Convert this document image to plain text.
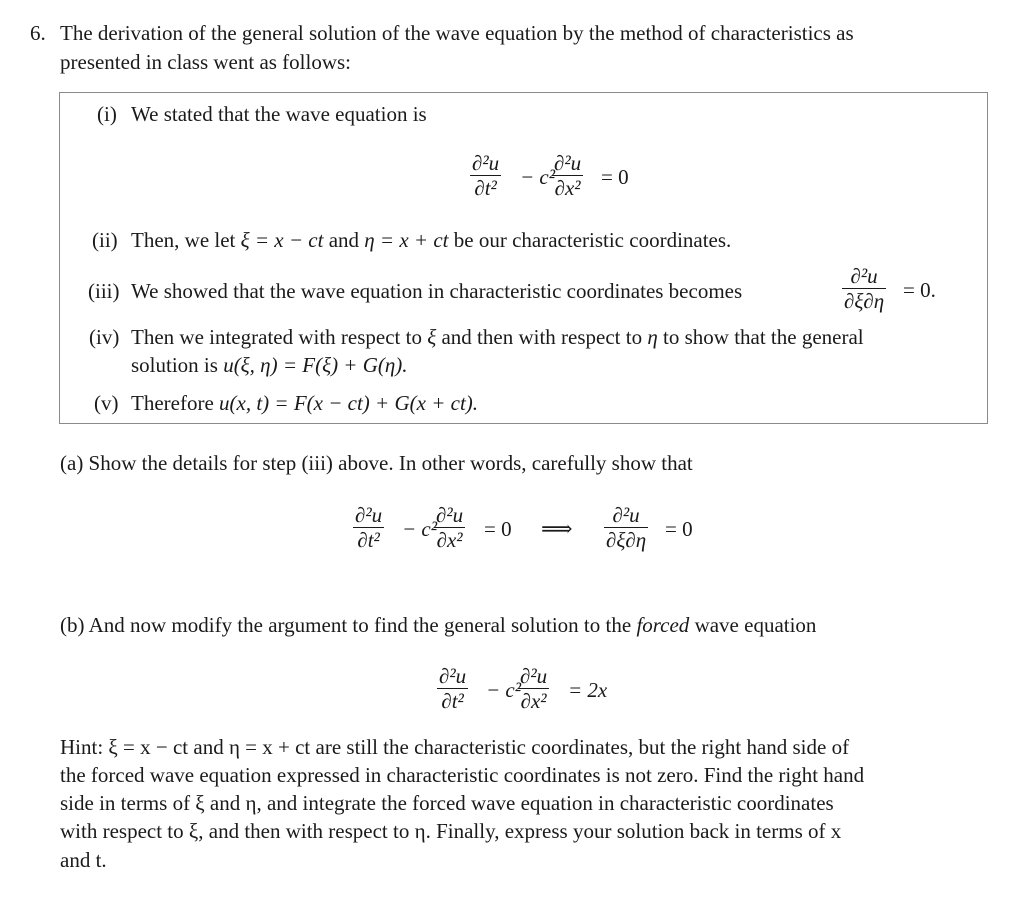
6. The derivation of the general solution of the wave equation by the method of characteristics as
presented in class went as follows:
(i) We stated that the wave equation is
$\frac{\text{∂²u}}{\text{∂t²}} - c^2$
$\frac{\text{∂²u}}{\text{∂x²}} = 0$
(ii) Then, we let ξ = x − ct and η = x + ct be our characteristic coordinates.
(iii) We showed that the wave equation in characteristic coordinates becomes	$\frac{\text{∂²u}}{\partial\xi\partial\eta} = 0$.
(iv) Then we integrated with respect to ξ and then with respect to η to show that the general
solution is u(ξ, η) = F(ξ) + G(η).
(v) Therefore u(x, t) = F(x − ct) + G(x + ct).
(a) Show the details for step (iii) above. In other words, carefully show that
$\frac{\text{∂²u}}{\text{∂t²}} - c^2$
$\frac{\text{∂²u}}{\text{∂x²}} = 0$ ⟹ $\frac{\text{∂²u}}{\partial\xi\partial\eta} = 0$
(b) And now modify the argument to find the general solution to the forced wave equation
$\frac{\text{∂²u}}{\text{∂t²}} - c^2$
$\frac{\text{∂²u}}{\text{∂x²}} = 2x$
Hint: ξ = x − ct and η = x + ct are still the characteristic coordinates, but the right hand side of
the forced wave equation expressed in characteristic coordinates is not zero. Find the right hand
side in terms of ξ and η, and integrate the forced wave equation in characteristic coordinates
with respect to ξ, and then with respect to η. Finally, express your solution back in terms of x
and t.
